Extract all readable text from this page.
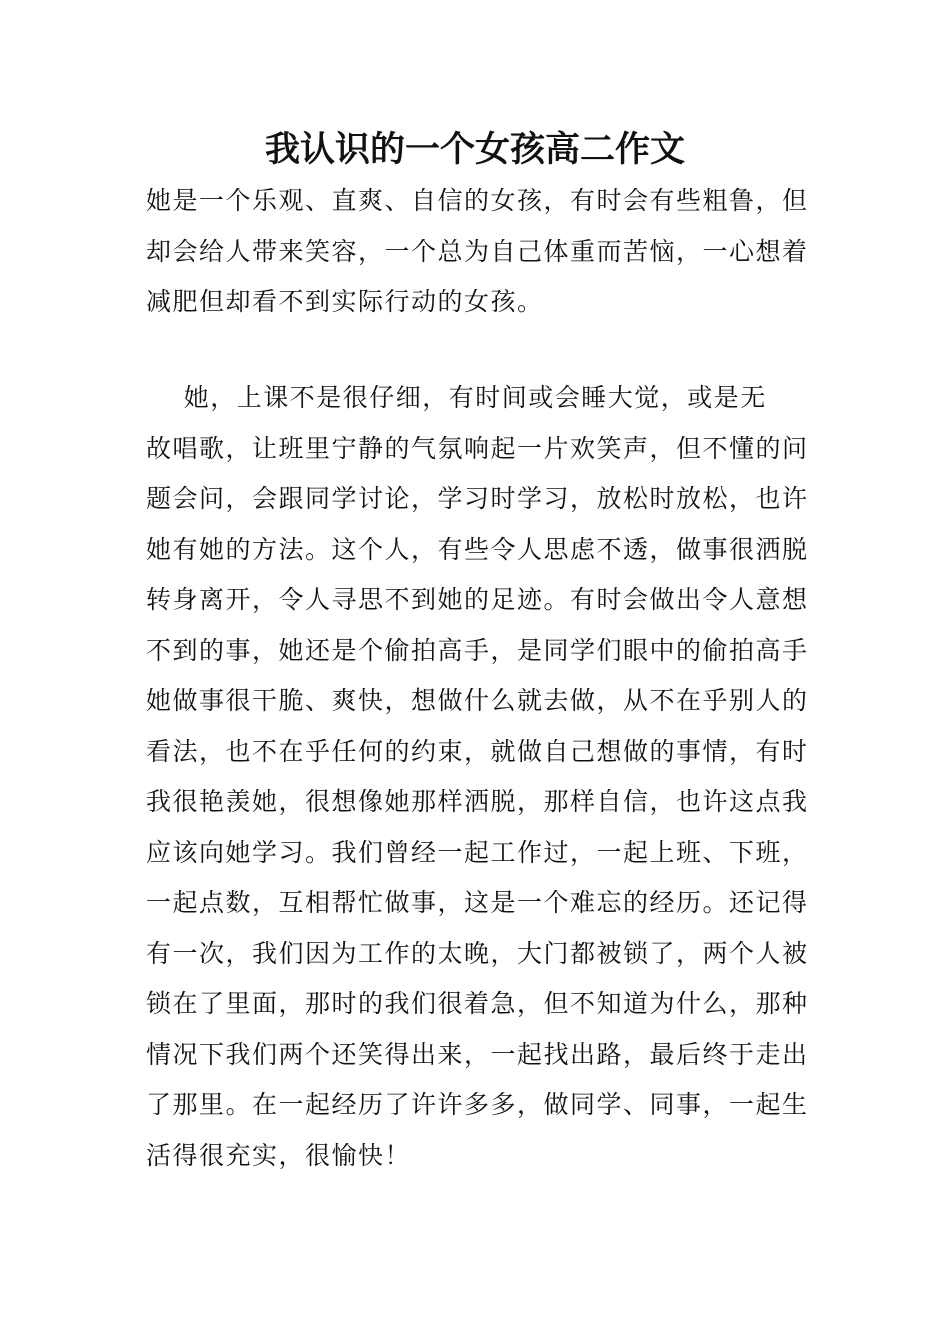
我认识的一个女孩高二作文
她是一个乐观、直爽、自信的女孩，有时会有些粗鲁，但
却会给人带来笑容，一个总为自己体重而苦恼，一心想着
减肥但却看不到实际行动的女孩。
她，上课不是很仔细，有时间或会睡大觉，或是无
故唱歌，让班里宁静的气氛响起一片欢笑声，但不懂的问
题会问，会跟同学讨论，学习时学习，放松时放松，也许
她有她的方法。这个人，有些令人思虑不透，做事很洒脱
转身离开，令人寻思不到她的足迹。有时会做出令人意想
不到的事，她还是个偷拍高手，是同学们眼中的偷拍高手
她做事很干脆、爽快，想做什么就去做，从不在乎别人的
看法，也不在乎任何的约束，就做自己想做的事情，有时
我很艳羡她，很想像她那样洒脱，那样自信，也许这点我
应该向她学习。我们曾经一起工作过，一起上班、下班，
一起点数，互相帮忙做事，这是一个难忘的经历。还记得
有一次，我们因为工作的太晚，大门都被锁了，两个人被
锁在了里面，那时的我们很着急，但不知道为什么，那种
情况下我们两个还笑得出来，一起找出路，最后终于走出
了那里。在一起经历了许许多多，做同学、同事，一起生
活得很充实，很愉快！
